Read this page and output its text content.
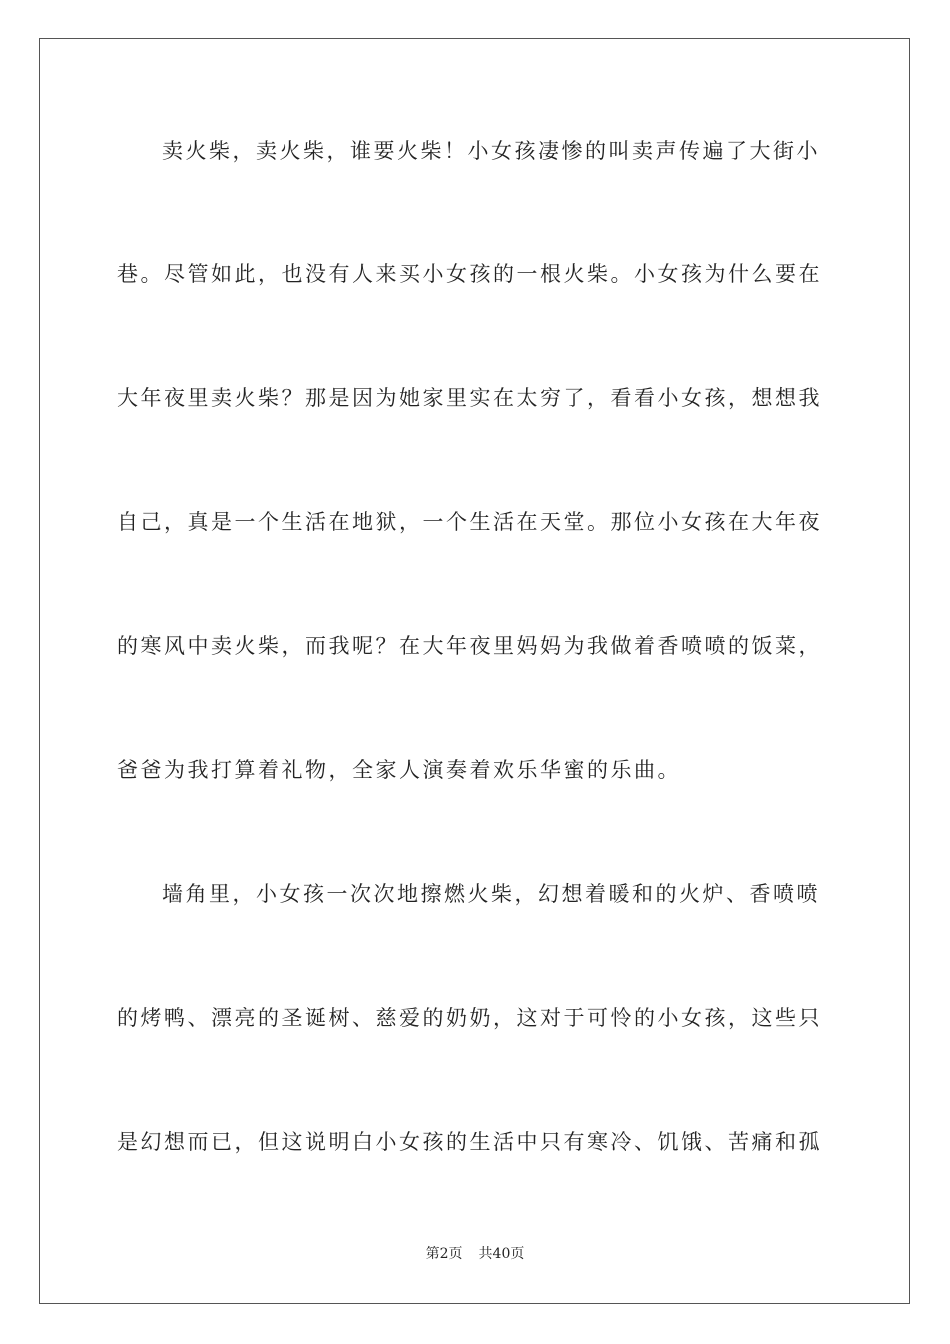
卖火柴，卖火柴，谁要火柴！小女孩凄惨的叫卖声传遍了大街小
巷。尽管如此，也没有人来买小女孩的一根火柴。小女孩为什么要在
大年夜里卖火柴？那是因为她家里实在太穷了，看看小女孩，想想我
自己，真是一个生活在地狱，一个生活在天堂。那位小女孩在大年夜
的寒风中卖火柴，而我呢？在大年夜里妈妈为我做着香喷喷的饭菜，
爸爸为我打算着礼物，全家人演奏着欢乐华蜜的乐曲。
墙角里，小女孩一次次地擦燃火柴，幻想着暖和的火炉、香喷喷
的烤鸭、漂亮的圣诞树、慈爱的奶奶，这对于可怜的小女孩，这些只
是幻想而已，但这说明白小女孩的生活中只有寒冷、饥饿、苦痛和孤
第2页 共40页
